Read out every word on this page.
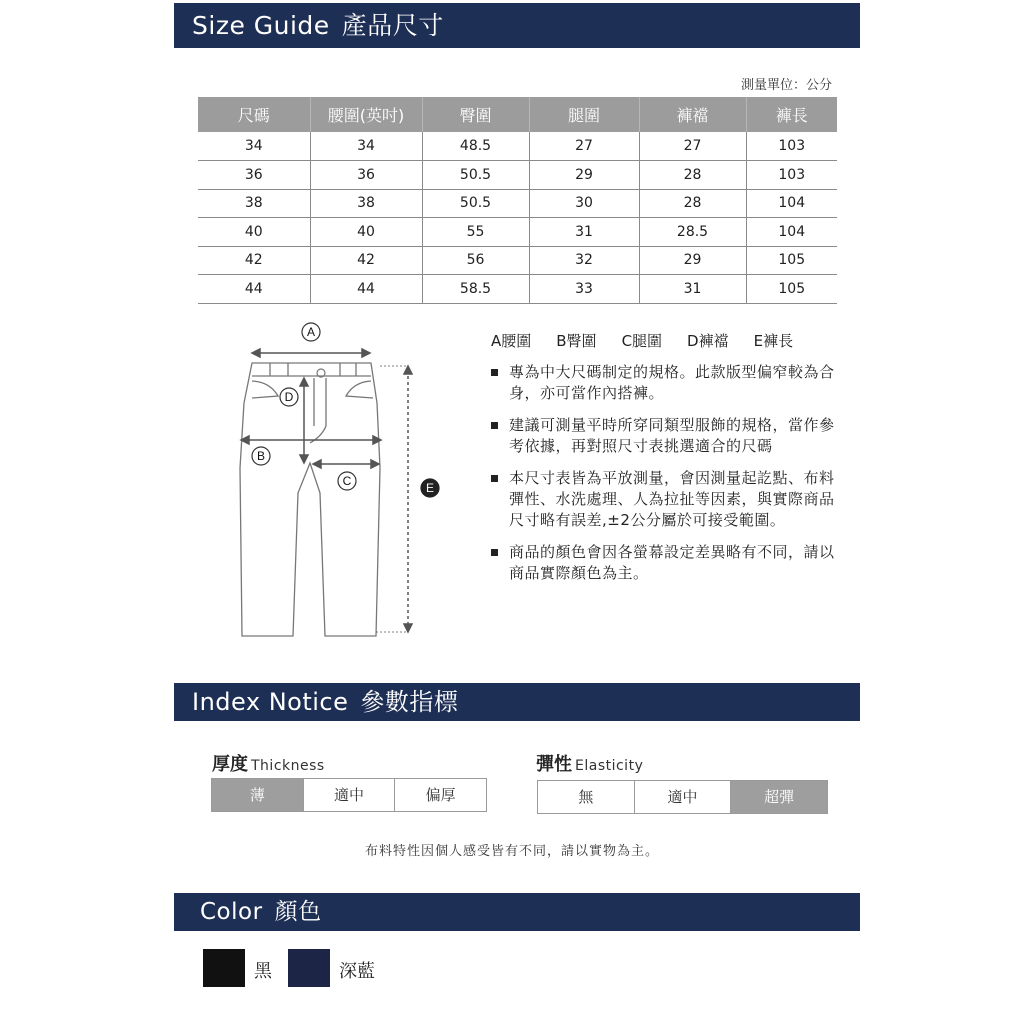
Size Guide 產品尺寸
測量單位：公分
尺碼	腰圍(英吋)	臀圍	腿圍	褲襠	褲長
34	34	48.5	27	27	103
36	36	50.5	29	28	103
38	38	50.5	30	28	104
40	40	55	31	28.5	104
42	42	56	32	29	105
44	44	58.5	33	31	105
A
B
C
D
E
A腰圍 B臀圍 C腿圍 D褲襠 E褲長
專為中大尺碼制定的規格。此款版型偏窄較為合身，亦可當作內搭褲。
建議可測量平時所穿同類型服飾的規格，當作參考依據，再對照尺寸表挑選適合的尺碼
本尺寸表皆為平放測量，會因測量起訖點、布料彈性、水洗處理、人為拉扯等因素，與實際商品尺寸略有誤差,±2公分屬於可接受範圍。
商品的顏色會因各螢幕設定差異略有不同，請以商品實際顏色為主。
Index Notice 參數指標
厚度 Thickness
薄	適中	偏厚
彈性 Elasticity
無	適中	超彈
布料特性因個人感受皆有不同，請以實物為主。
Color 顏色
黑	深藍
